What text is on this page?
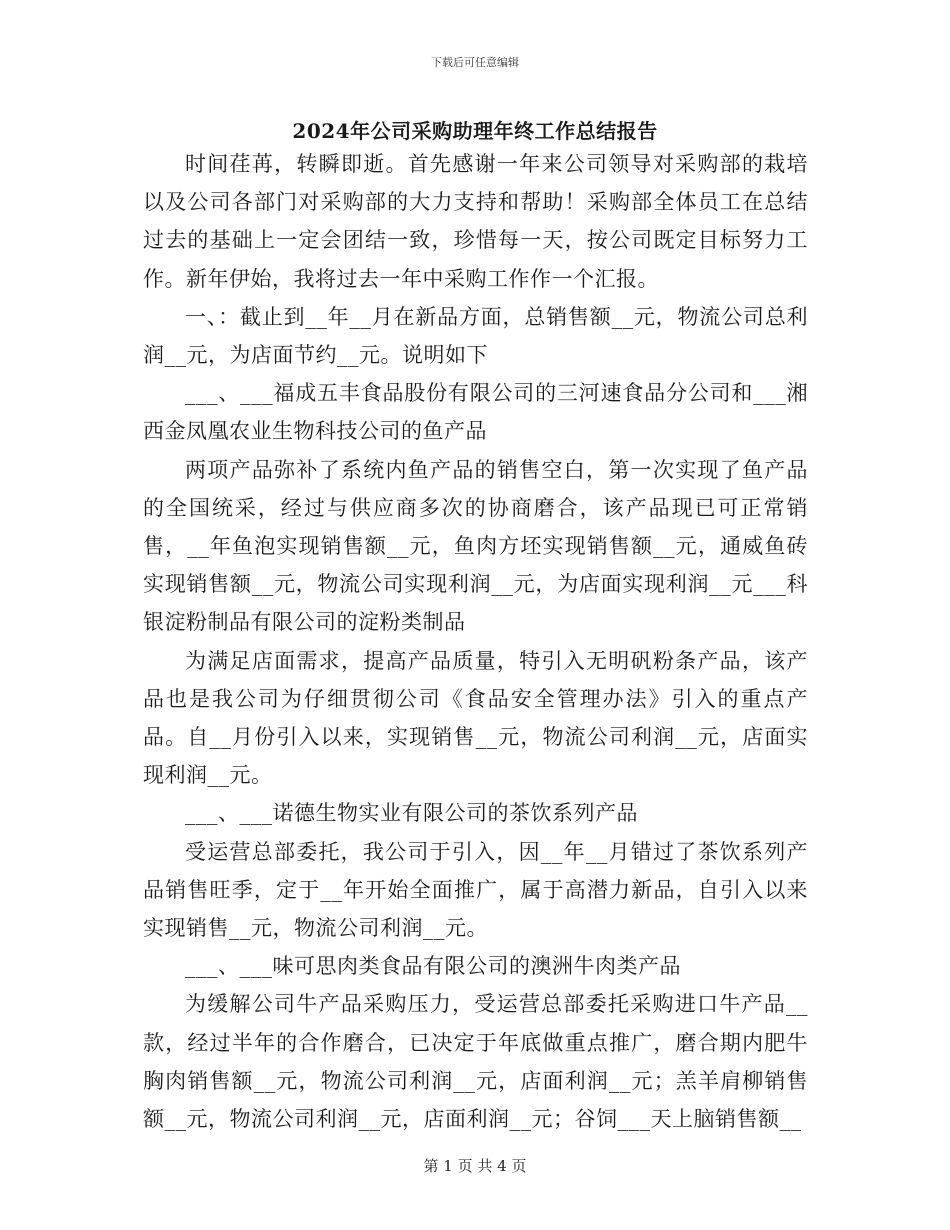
下载后可任意编辑
2024年公司采购助理年终工作总结报告

时间荏苒，转瞬即逝。首先感谢一年来公司领导对采购部的栽培以及公司各部门对采购部的大力支持和帮助！采购部全体员工在总结过去的基础上一定会团结一致，珍惜每一天，按公司既定目标努力工作。新年伊始，我将过去一年中采购工作作一个汇报。

一、：截止到__年__月在新品方面，总销售额__元，物流公司总利润__元，为店面节约__元。说明如下

___、___福成五丰食品股份有限公司的三河速食品分公司和___湘西金凤凰农业生物科技公司的鱼产品

两项产品弥补了系统内鱼产品的销售空白，第一次实现了鱼产品的全国统采，经过与供应商多次的协商磨合，该产品现已可正常销售，__年鱼泡实现销售额__元，鱼肉方坯实现销售额__元，通威鱼砖实现销售额__元，物流公司实现利润__元，为店面实现利润__元___科银淀粉制品有限公司的淀粉类制品

为满足店面需求，提高产品质量，特引入无明矾粉条产品，该产品也是我公司为仔细贯彻公司《食品安全管理办法》引入的重点产品。自__月份引入以来，实现销售__元，物流公司利润__元，店面实现利润__元。

___、___诺德生物实业有限公司的茶饮系列产品

受运营总部委托，我公司于引入，因__年__月错过了茶饮系列产品销售旺季，定于__年开始全面推广，属于高潜力新品，自引入以来实现销售__元，物流公司利润__元。

___、___味可思肉类食品有限公司的澳洲牛肉类产品

为缓解公司牛产品采购压力，受运营总部委托采购进口牛产品__款，经过半年的合作磨合，已决定于年底做重点推广，磨合期内肥牛胸肉销售额__元，物流公司利润__元，店面利润__元；羔羊肩柳销售额__元，物流公司利润__元，店面利润__元；谷饲___天上脑销售额__

第 1 页 共 4 页
